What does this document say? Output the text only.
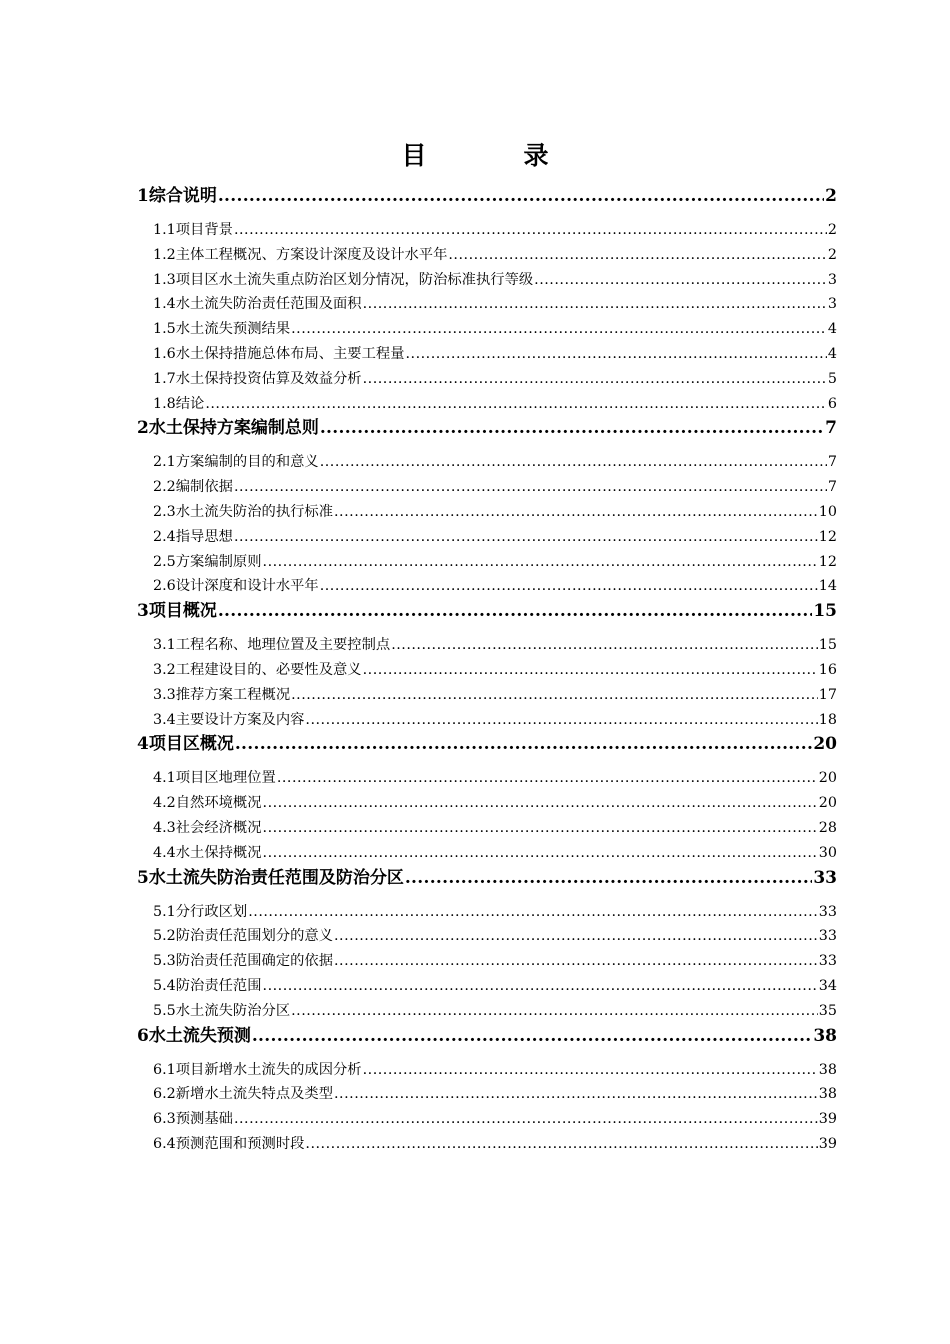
目　录
1综合说明 .....	2
1.1项目背景 .....	2
1.2主体工程概况、方案设计深度及设计水平年 .....	2
1.3项目区水土流失重点防治区划分情况，防治标准执行等级 .....	3
1.4水土流失防治责任范围及面积 .....	3
1.5水土流失预测结果 .....	4
1.6水土保持措施总体布局、主要工程量 .....	4
1.7水土保持投资估算及效益分析 .....	5
1.8结论 .....	6
2水土保持方案编制总则 .....	7
2.1方案编制的目的和意义 .....	7
2.2编制依据 .....	7
2.3水土流失防治的执行标准 .....	10
2.4指导思想 .....	12
2.5方案编制原则 .....	12
2.6设计深度和设计水平年 .....	14
3项目概况 .....	15
3.1工程名称、地理位置及主要控制点 .....	15
3.2工程建设目的、必要性及意义 .....	16
3.3推荐方案工程概况 .....	17
3.4主要设计方案及内容 .....	18
4项目区概况 .....	20
4.1项目区地理位置 .....	20
4.2自然环境概况 .....	20
4.3社会经济概况 .....	28
4.4水土保持概况 .....	30
5水土流失防治责任范围及防治分区 .....	33
5.1分行政区划 .....	33
5.2防治责任范围划分的意义 .....	33
5.3防治责任范围确定的依据 .....	33
5.4防治责任范围 .....	34
5.5水土流失防治分区 .....	35
6水土流失预测 .....	38
6.1项目新增水土流失的成因分析 .....	38
6.2新增水土流失特点及类型 .....	38
6.3预测基础 .....	39
6.4预测范围和预测时段 .....	39
